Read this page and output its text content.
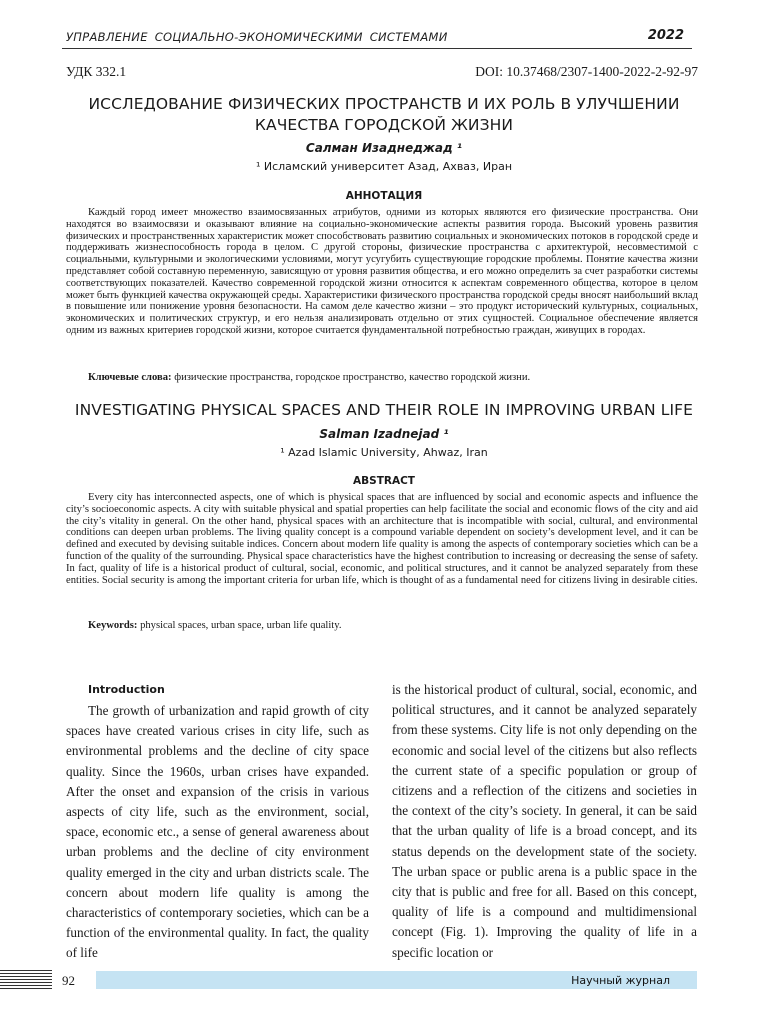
УПРАВЛЕНИЕ СОЦИАЛЬНО-ЭКОНОМИЧЕСКИМИ СИСТЕМАМИ	2022
УДК 332.1	DOI: 10.37468/2307-1400-2022-2-92-97
ИССЛЕДОВАНИЕ ФИЗИЧЕСКИХ ПРОСТРАНСТВ И ИХ РОЛЬ В УЛУЧШЕНИИ
КАЧЕСТВА ГОРОДСКОЙ ЖИЗНИ
Салман Изаднеджад ¹
¹ Исламский университет Азад, Ахваз, Иран
АННОТАЦИЯ
Каждый город имеет множество взаимосвязанных атрибутов, одними из которых являются его физические пространства. Они находятся во взаимосвязи и оказывают влияние на социально-экономические аспекты развития города. Высокий уровень развития физических и пространственных характеристик может способствовать развитию социальных и экономических потоков в городской среде и поддерживать жизнеспособность города в целом. С другой стороны, физические пространства с архитектурой, несовместимой с социальными, культурными и экологическими условиями, могут усугубить существующие городские проблемы. Понятие качества жизни представляет собой составную переменную, зависящую от уровня развития общества, и его можно определить за счет разработки системы соответствующих показателей. Качество современной городской жизни относится к аспектам современного общества, которое в целом может быть функцией качества окружающей среды. Характеристики физического пространства городской среды вносят наибольший вклад в повышение или понижение уровня безопасности. На самом деле качество жизни – это продукт исторический культурных, социальных, экономических и политических структур, и его нельзя анализировать отдельно от этих сущностей. Социальное обеспечение является одним из важных критериев городской жизни, которое считается фундаментальной потребностью граждан, живущих в городах.
Ключевые слова: физические пространства, городское пространство, качество городской жизни.
INVESTIGATING PHYSICAL SPACES AND THEIR ROLE IN IMPROVING URBAN LIFE
Salman Izadnejad ¹
¹ Azad Islamic University, Ahwaz, Iran
ABSTRACT
Every city has interconnected aspects, one of which is physical spaces that are influenced by social and economic aspects and influence the city’s socioeconomic aspects. A city with suitable physical and spatial properties can help facilitate the social and economic flows of the city and aid the city’s vitality in general. On the other hand, physical spaces with an architecture that is incompatible with social, cultural, and environmental conditions can deepen urban problems. The living quality concept is a compound variable dependent on society’s development level, and it can be defined and executed by devising suitable indices. Concern about modern life quality is among the aspects of contemporary societies which can be a function of the quality of the surrounding. Physical space characteristics have the highest contribution to increasing or decreasing the sense of safety. In fact, quality of life is a historical product of cultural, social, economic, and political structures, and it cannot be analyzed separately from these entities. Social security is among the important criteria for urban life, which is thought of as a fundamental need for citizens living in desirable cities.
Keywords: physical spaces, urban space, urban life quality.
Introduction
The growth of urbanization and rapid growth of city spaces have created various crises in city life, such as environmental problems and the decline of city space quality. Since the 1960s, urban crises have expanded. After the onset and expansion of the crisis in various aspects of city life, such as the environment, social, space, economic etc., a sense of general awareness about urban problems and the decline of city environment quality emerged in the city and urban districts scale. The concern about modern life quality is among the characteristics of contemporary societies, which can be a function of the environmental quality. In fact, the quality of life
is the historical product of cultural, social, economic, and political structures, and it cannot be analyzed separately from these systems. City life is not only depending on the economic and social level of the citizens but also reflects the current state of a specific population or group of citizens and a reflection of the citizens and societies in the context of the city’s society. In general, it can be said that the urban quality of life is a broad concept, and its status depends on the development state of the society. The urban space or public arena is a public space in the city that is public and free for all. Based on this concept, quality of life is a compound and multidimensional concept (Fig. 1). Improving the quality of life in a specific location or
92	Научный журнал
